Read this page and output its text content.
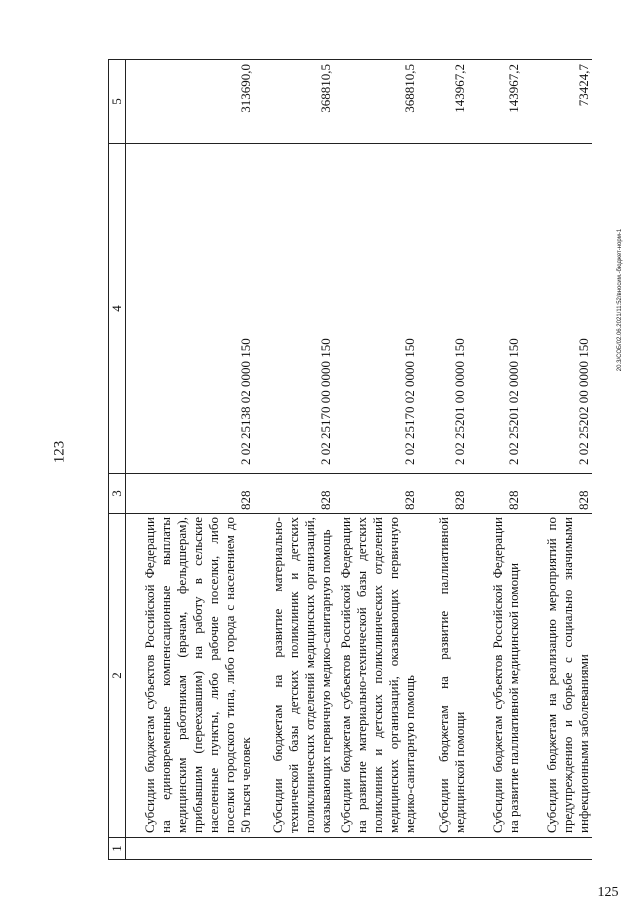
123
20.3/СОБ/02.06.2021/11:52/вносим.-бюджет-норм-1
125
1	2	3	4	5
	Субсидии бюджетам субъектов Российской Федерации на единовременные компенсационные выплаты медицинским работникам (врачам, фельдшерам), прибывшим (переехавшим) на работу в сельские населенные пункты, либо рабочие поселки, либо поселки городского типа, либо города с населением до 50 тысяч человек	828	2 02 25138 02 0000 150	313690,0
	Субсидии бюджетам на развитие материально-технической базы детских поликлиник и детских поликлинических отделений медицинских организаций, оказывающих первичную медико-санитарную помощь	828	2 02 25170 00 0000 150	368810,5
	Субсидии бюджетам субъектов Российской Федерации на развитие материально-технической базы детских поликлиник и детских поликлинических отделений медицинских организаций, оказывающих первичную медико-санитарную помощь	828	2 02 25170 02 0000 150	368810,5
	Субсидии бюджетам на развитие паллиативной медицинской помощи	828	2 02 25201 00 0000 150	143967,2
	Субсидии бюджетам субъектов Российской Федерации на развитие паллиативной медицинской помощи	828	2 02 25201 02 0000 150	143967,2
	Субсидии бюджетам на реализацию мероприятий по предупреждению и борьбе с социально значимыми инфекционными заболеваниями	828	2 02 25202 00 0000 150	73424,7
